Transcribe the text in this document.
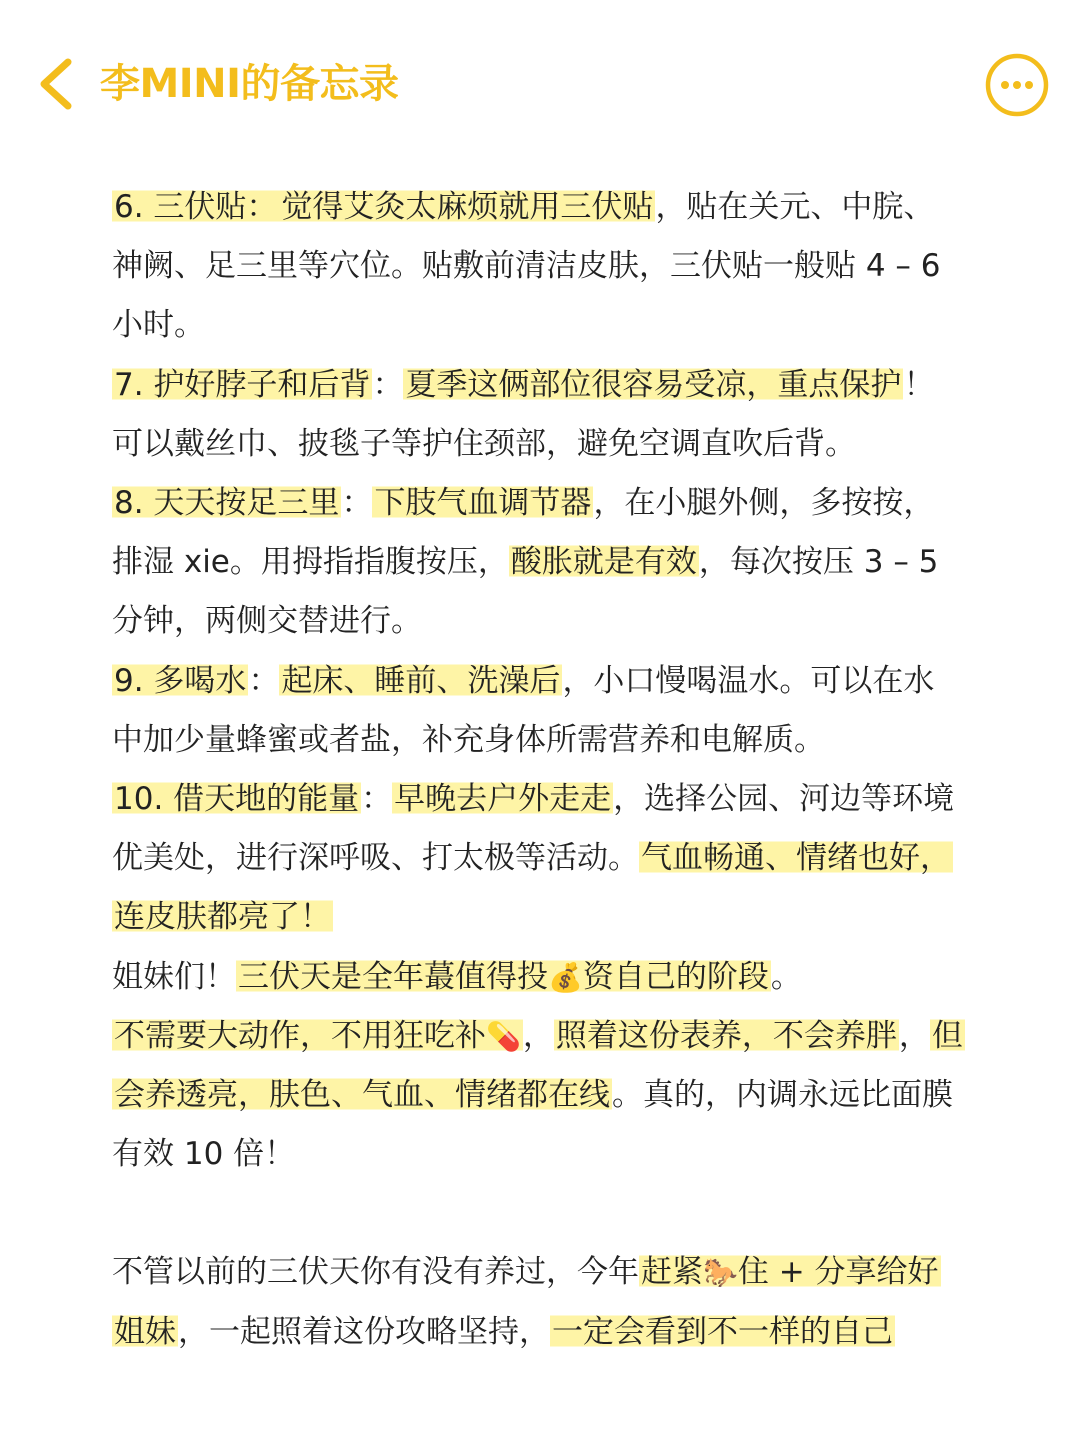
李MINI的备忘录

6. 三伏贴： 觉得艾灸太麻烦就用三伏贴，贴在关元、中脘、神阙、足三里等穴位。贴敷前清洁皮肤，三伏贴一般贴 4 – 6 小时。

7. 护好脖子和后背：夏季这俩部位很容易受凉，重点保护！可以戴丝巾、披毯子等护住颈部，避免空调直吹后背。

8. 天天按足三里：下肢气血调节器，在小腿外侧，多按按，排湿 xie。用拇指指腹按压，酸胀就是有效，每次按压 3 – 5 分钟，两侧交替进行。

9. 多喝水：起床、睡前、洗澡后，小口慢喝温水。可以在水中加少量蜂蜜或者盐，补充身体所需营养和电解质。

10. 借天地的能量：早晚去户外走走，选择公园、河边等环境优美处，进行深呼吸、打太极等活动。气血畅通、情绪也好，连皮肤都亮了！

姐妹们！三伏天是全年蕞值得投💰资自己的阶段。

不需要大动作，不用狂吃补💊，照着这份表养，不会养胖，但会养透亮，肤色、气血、情绪都在线。真的，内调永远比面膜有效 10 倍！

不管以前的三伏天你有没有养过，今年赶紧🐎住 + 分享给好姐妹，一起照着这份攻略坚持，一定会看到不一样的自己
